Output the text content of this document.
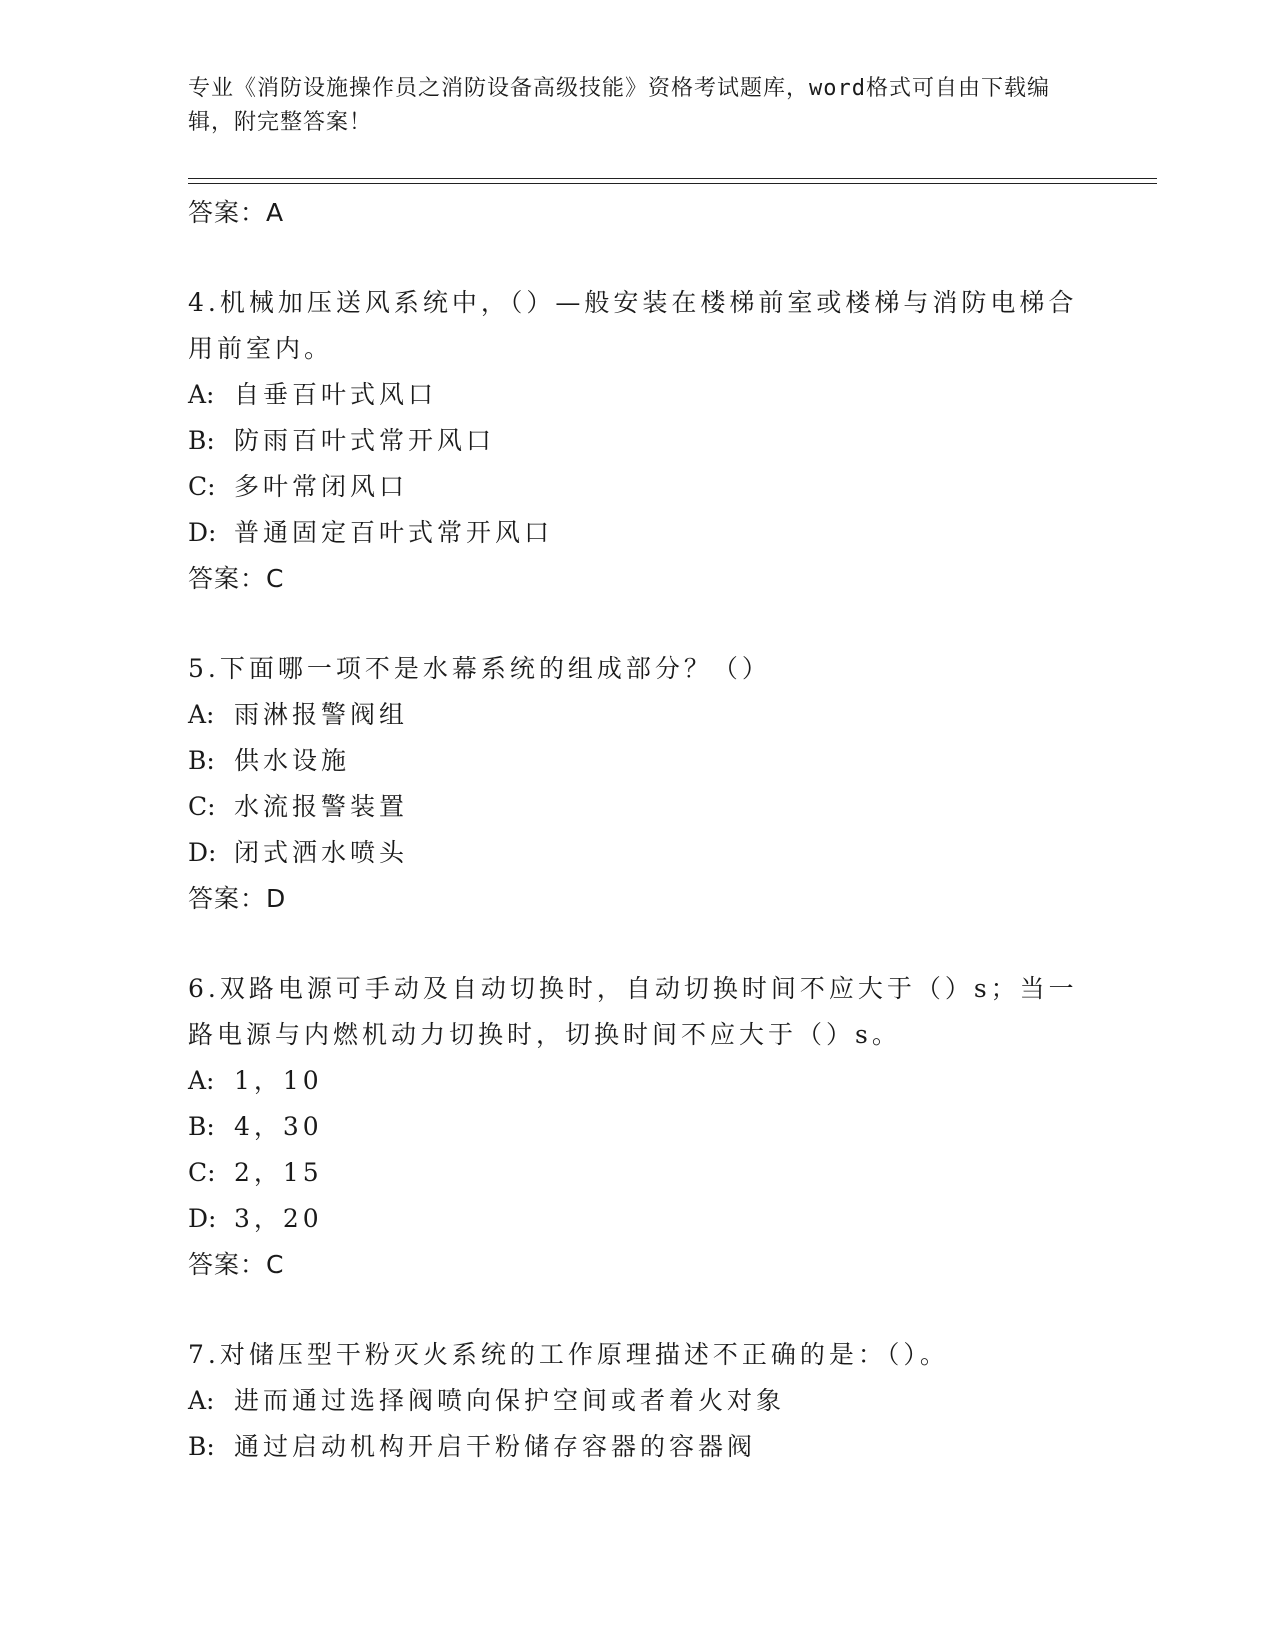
专业《消防设施操作员之消防设备高级技能》资格考试题库，word格式可自由下载编辑，附完整答案！
答案：A
4.机械加压送风系统中，（）—般安装在楼梯前室或楼梯与消防电梯合用前室内。
A: 自垂百叶式风口
B: 防雨百叶式常开风口
C: 多叶常闭风口
D: 普通固定百叶式常开风口
答案：C
5.下面哪一项不是水幕系统的组成部分？（）
A: 雨淋报警阀组
B: 供水设施
C: 水流报警装置
D: 闭式洒水喷头
答案：D
6.双路电源可手动及自动切换时，自动切换时间不应大于（）s；当一路电源与内燃机动力切换时，切换时间不应大于（）s。
A: 1，10
B: 4，30
C: 2，15
D: 3，20
答案：C
7.对储压型干粉灭火系统的工作原理描述不正确的是：（）。
A: 进而通过选择阀喷向保护空间或者着火对象
B: 通过启动机构开启干粉储存容器的容器阀
